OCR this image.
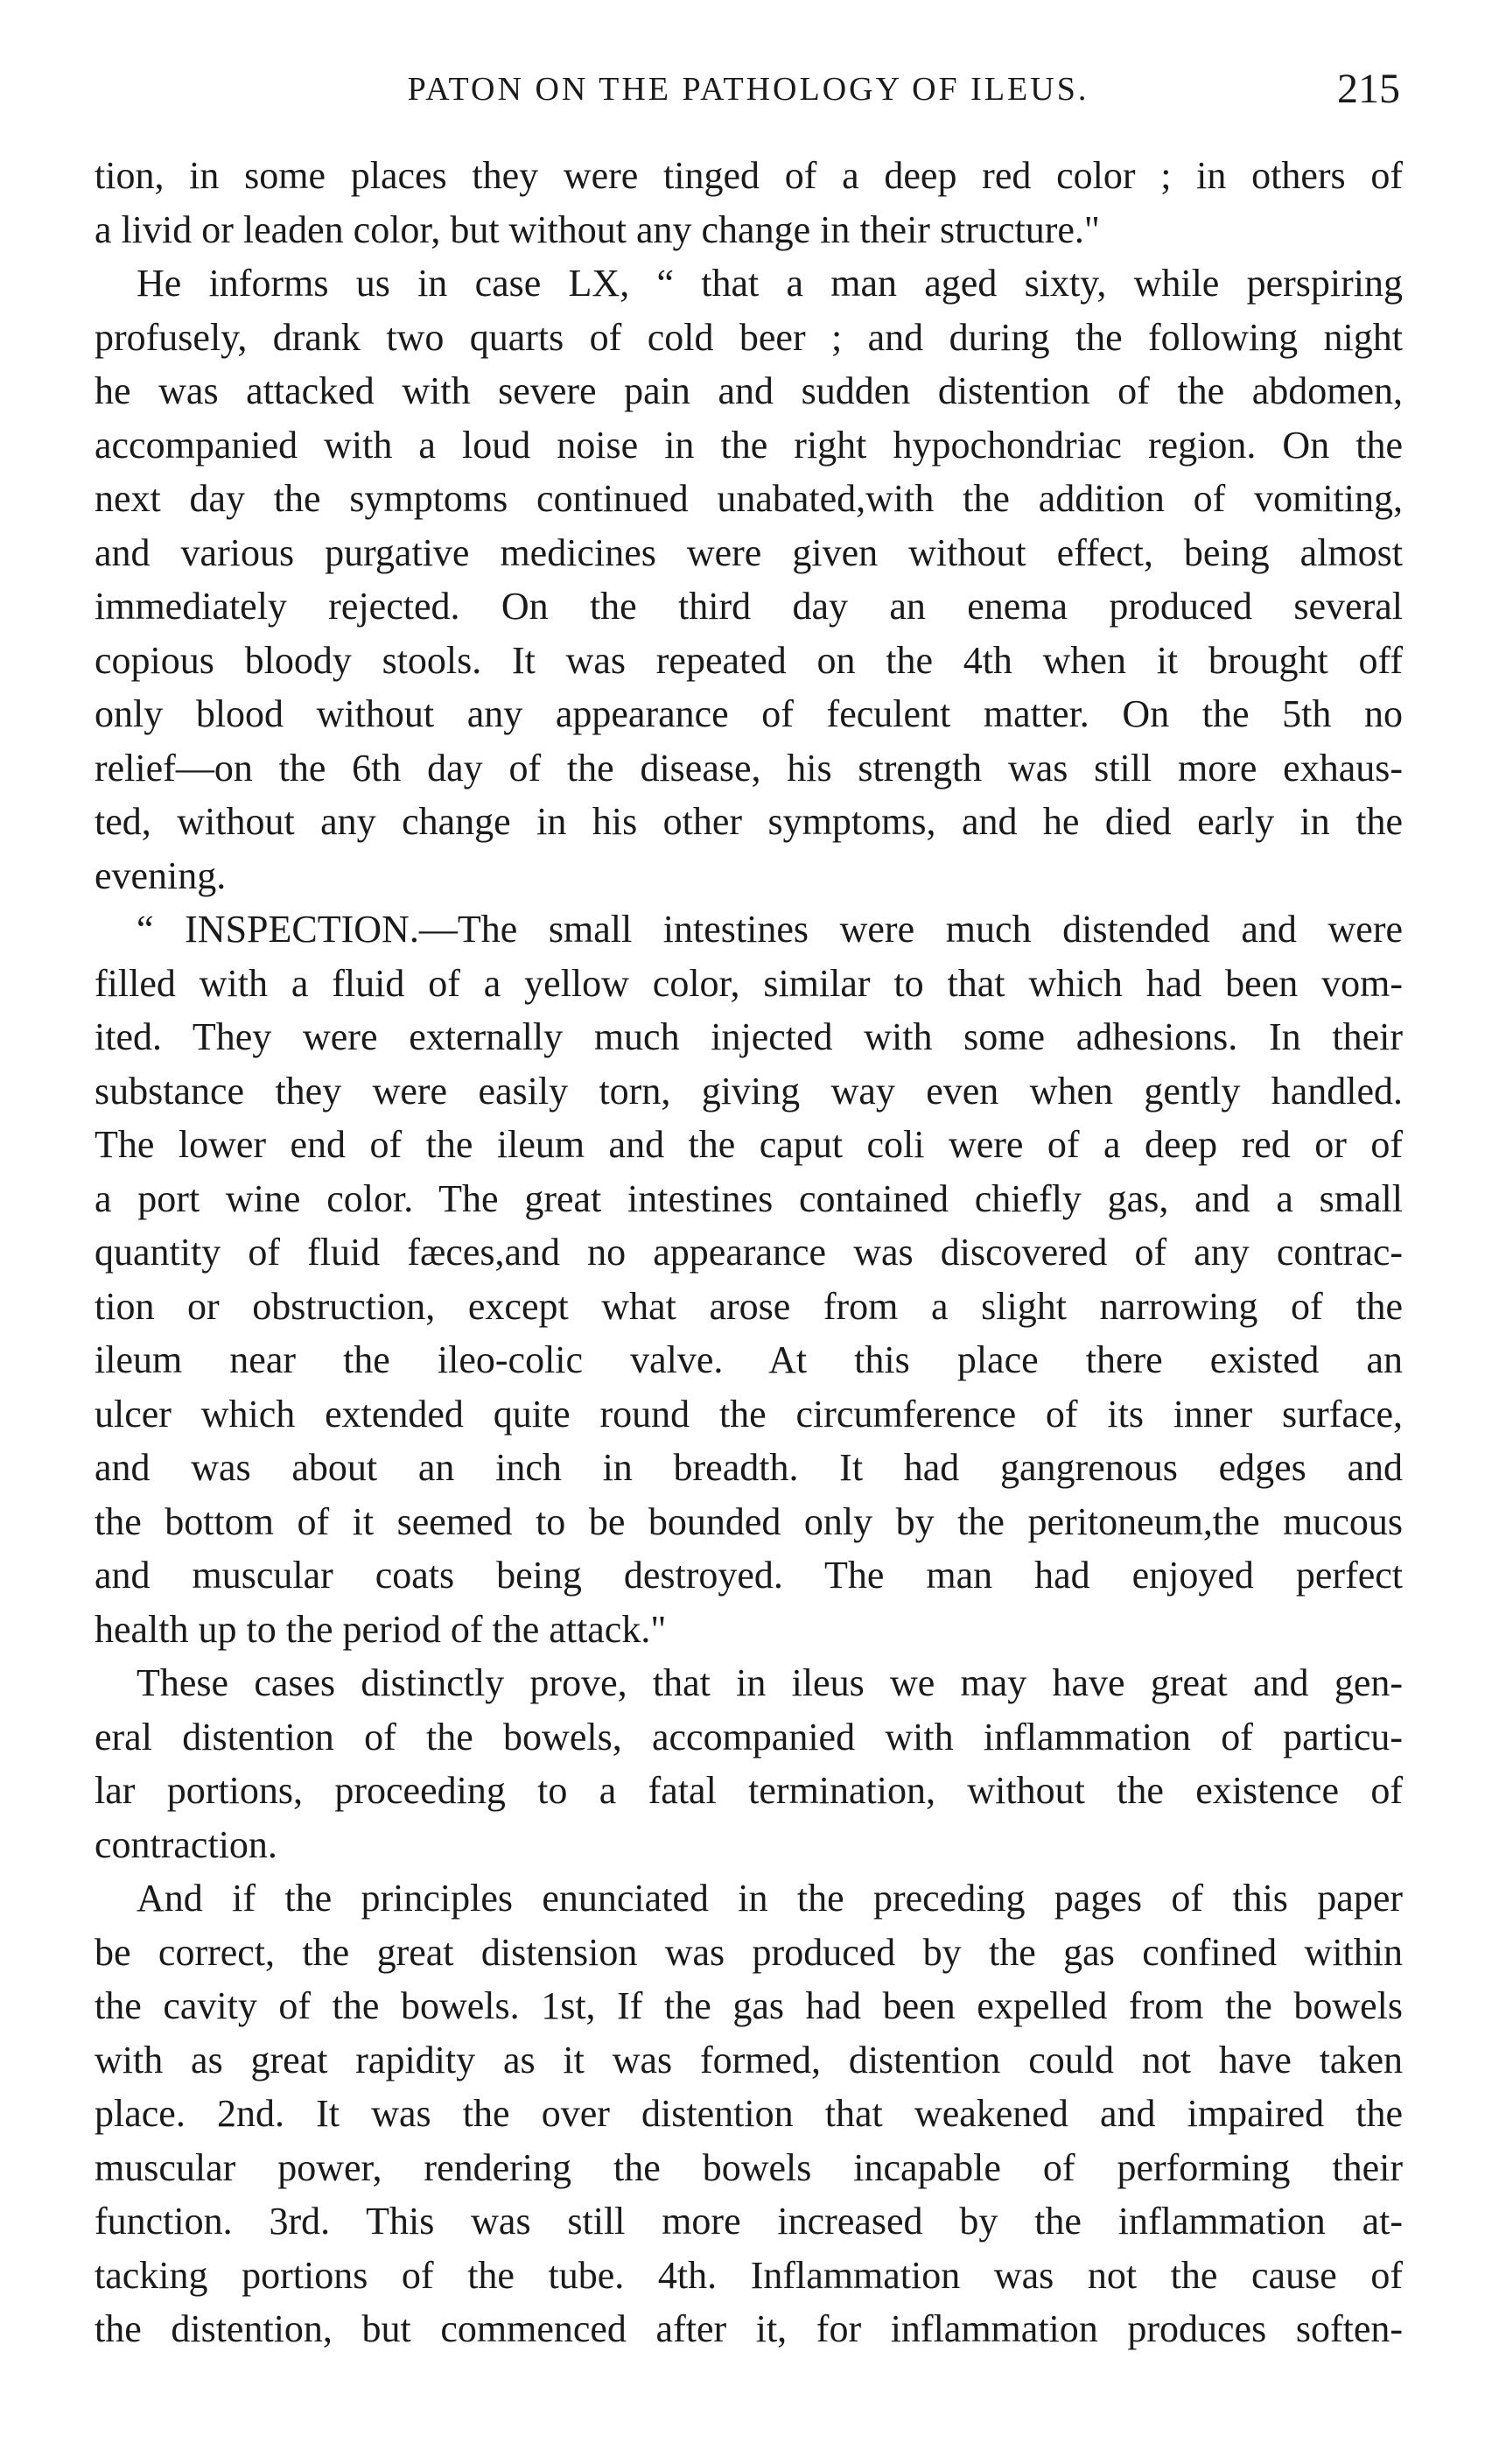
PATON ON THE PATHOLOGY OF ILEUS.	215
tion, in some places they were tinged of a deep red color ; in others of
a livid or leaden color, but without any change in their structure."
He informs us in case LX, “ that a man aged sixty, while perspiring
profusely, drank two quarts of cold beer ; and during the following night
he was attacked with severe pain and sudden distention of the abdomen,
accompanied with a loud noise in the right hypochondriac region. On the
next day the symptoms continued unabated,with the addition of vomiting,
and various purgative medicines were given without effect, being almost
immediately rejected. On the third day an enema produced several
copious bloody stools. It was repeated on the 4th when it brought off
only blood without any appearance of feculent matter. On the 5th no
relief—on the 6th day of the disease, his strength was still more exhaus-
ted, without any change in his other symptoms, and he died early in the
evening.
“ INSPECTION.—The small intestines were much distended and were
filled with a fluid of a yellow color, similar to that which had been vom-
ited. They were externally much injected with some adhesions. In their
substance they were easily torn, giving way even when gently handled.
The lower end of the ileum and the caput coli were of a deep red or of
a port wine color. The great intestines contained chiefly gas, and a small
quantity of fluid fæces,and no appearance was discovered of any contrac-
tion or obstruction, except what arose from a slight narrowing of the
ileum near the ileo-colic valve. At this place there existed an
ulcer which extended quite round the circumference of its inner surface,
and was about an inch in breadth. It had gangrenous edges and
the bottom of it seemed to be bounded only by the peritoneum,the mucous
and muscular coats being destroyed. The man had enjoyed perfect
health up to the period of the attack."
These cases distinctly prove, that in ileus we may have great and gen-
eral distention of the bowels, accompanied with inflammation of particu-
lar portions, proceeding to a fatal termination, without the existence of
contraction.
And if the principles enunciated in the preceding pages of this paper
be correct, the great distension was produced by the gas confined within
the cavity of the bowels. 1st, If the gas had been expelled from the bowels
with as great rapidity as it was formed, distention could not have taken
place. 2nd. It was the over distention that weakened and impaired the
muscular power, rendering the bowels incapable of performing their
function. 3rd. This was still more increased by the inflammation at-
tacking portions of the tube. 4th. Inflammation was not the cause of
the distention, but commenced after it, for inflammation produces soften-
